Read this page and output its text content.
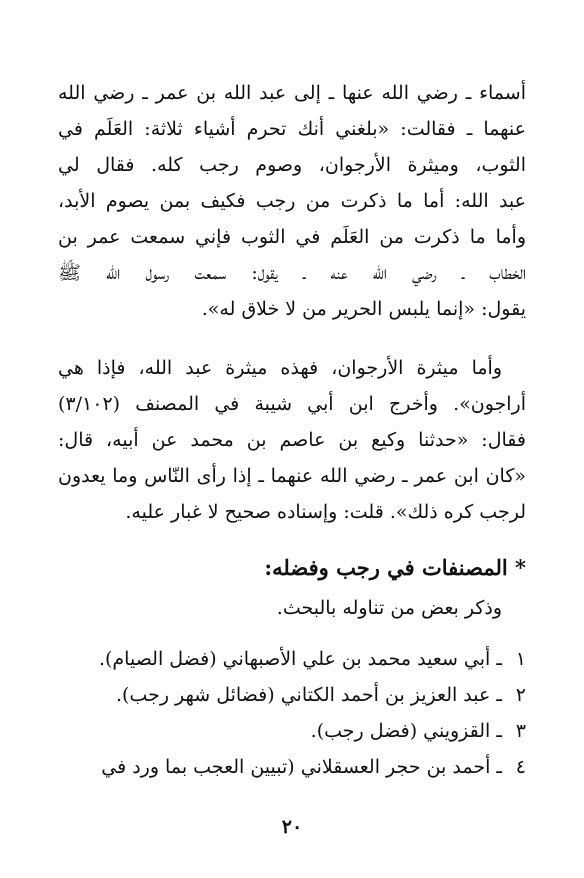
أسماء ـ رضي الله عنها ـ إلى عبد الله بن عمر ـ رضي الله
عنهما ـ فقالت: «بلغني أنك تحرم أشياء ثلاثة: العَلَم في
الثوب، وميثرة الأرجوان، وصوم رجب كله. فقال لي
عبد الله: أما ما ذكرت من رجب فكيف بمن يصوم الأبد،
وأما ما ذكرت من العَلَم في الثوب فإني سمعت عمر بن
الخطاب ـ رضي الله عنه ـ يقول: سمعت رسول الله ﷺ
يقول: «إنما يلبس الحرير من لا خلاق له».
وأما ميثرة الأرجوان، فهذه ميثرة عبد الله، فإذا هي
أراجون». وأخرج ابن أبي شيبة في المصنف (٣/١٠٢)
فقال: «حدثنا وكيع بن عاصم بن محمد عن أبيه، قال:
«كان ابن عمر ـ رضي الله عنهما ـ إذا رأى النّاس وما يعدون
لرجب كره ذلك». قلت: وإسناده صحيح لا غبار عليه.
* المصنفات في رجب وفضله:
وذكر بعض من تناوله بالبحث.
١ ـ أبي سعيد محمد بن علي الأصبهاني (فضل الصيام).
٢ ـ عبد العزيز بن أحمد الكتاني (فضائل شهر رجب).
٣ ـ القزويني (فضل رجب).
٤ ـ أحمد بن حجر العسقلاني (تبيين العجب بما ورد في
٢٠
